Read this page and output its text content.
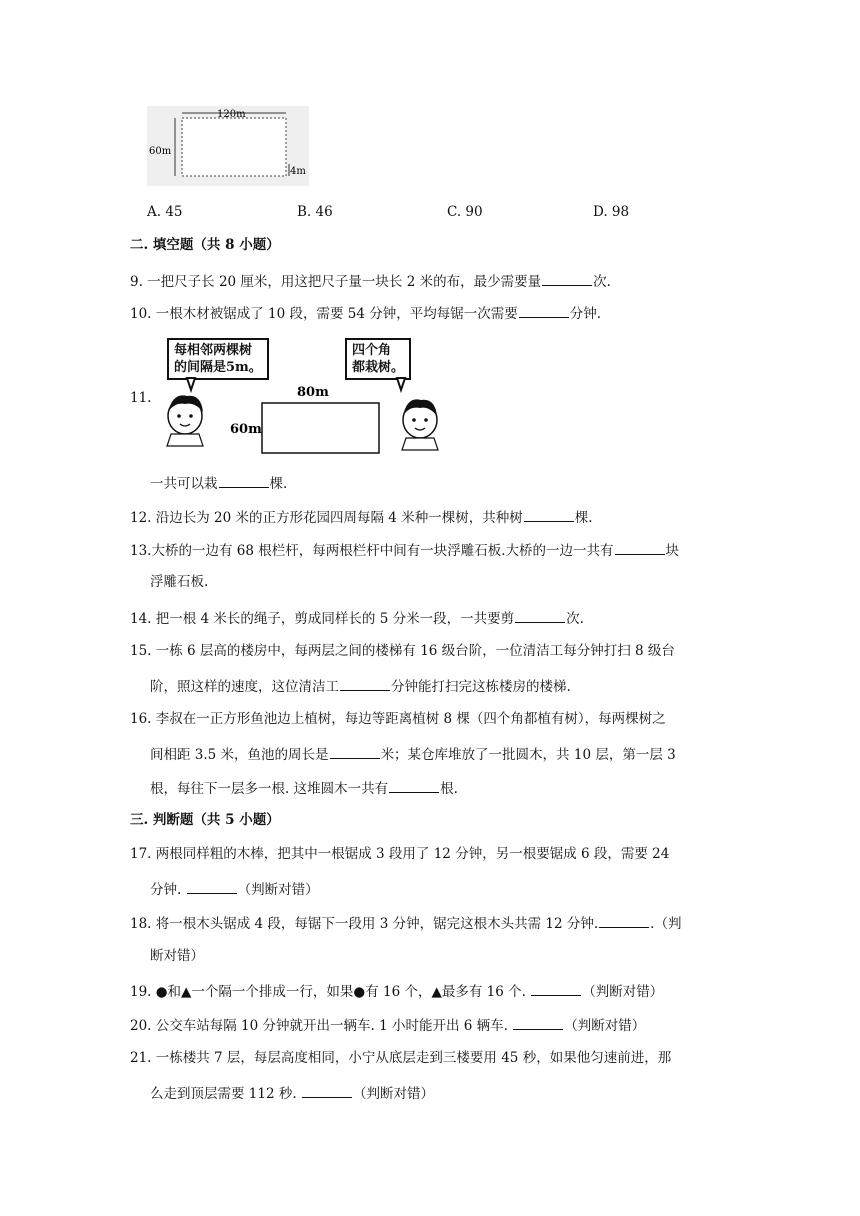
120m
60m
4m
A. 45	B. 46	C. 90	D. 98
二. 填空题（共 8 小题）
9. 一把尺子长 20 厘米，用这把尺子量一块长 2 米的布，最少需要量	次.
10. 一根木材被锯成了 10 段，需要 54 分钟，平均每锯一次需要	分钟.
11.
每相邻两棵树
的间隔是5m。
四个角
都栽树。
80m
60m
一共可以栽	棵.
12. 沿边长为 20 米的正方形花园四周每隔 4 米种一棵树，共种树	棵.
13.大桥的一边有 68 根栏杆，每两根栏杆中间有一块浮雕石板.大桥的一边一共有	块
浮雕石板.
14. 把一根 4 米长的绳子，剪成同样长的 5 分米一段，一共要剪	次.
15. 一栋 6 层高的楼房中，每两层之间的楼梯有 16 级台阶，一位清洁工每分钟打扫 8 级台
阶，照这样的速度，这位清洁工	分钟能打扫完这栋楼房的楼梯.
16. 李叔在一正方形鱼池边上植树，每边等距离植树 8 棵（四个角都植有树），每两棵树之
间相距 3.5 米，鱼池的周长是	米；某仓库堆放了一批圆木，共 10 层，第一层 3
根，每往下一层多一根. 这堆圆木一共有	根.
三. 判断题（共 5 小题）
17. 两根同样粗的木棒，把其中一根锯成 3 段用了 12 分钟，另一根要锯成 6 段，需要 24
分钟.	（判断对错）
18. 将一根木头锯成 4 段，每锯下一段用 3 分钟，锯完这根木头共需 12 分钟.	.（判
断对错）
19. ●和▲一个隔一个排成一行，如果●有 16 个，▲最多有 16 个.	（判断对错）
20. 公交车站每隔 10 分钟就开出一辆车. 1 小时能开出 6 辆车.	（判断对错）
21. 一栋楼共 7 层，每层高度相同，小宁从底层走到三楼要用 45 秒，如果他匀速前进，那
么走到顶层需要 112 秒.	（判断对错）
